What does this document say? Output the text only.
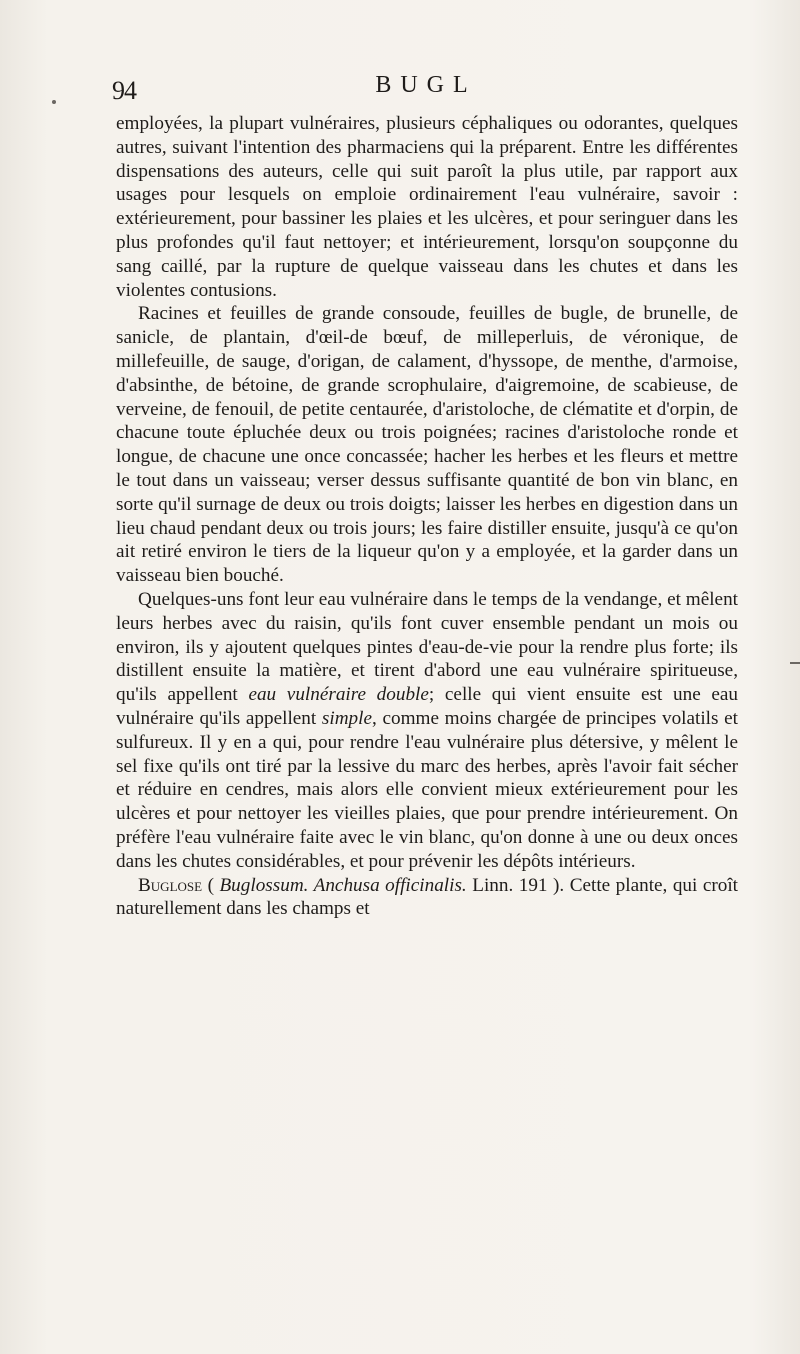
94	BUGL

employées, la plupart vulnéraires, plusieurs céphaliques ou odorantes, quelques autres, suivant l'intention des pharmaciens qui la préparent. Entre les différentes dispensations des auteurs, celle qui suit paroît la plus utile, par rapport aux usages pour lesquels on emploie ordinairement l'eau vulnéraire, savoir : extérieurement, pour bassiner les plaies et les ulcères, et pour seringuer dans les plus profondes qu'il faut nettoyer; et intérieurement, lorsqu'on soupçonne du sang caillé, par la rupture de quelque vaisseau dans les chutes et dans les violentes contusions.

Racines et feuilles de grande consoude, feuilles de bugle, de brunelle, de sanicle, de plantain, d'œil-de bœuf, de milleperluis, de véronique, de millefeuille, de sauge, d'origan, de calament, d'hyssope, de menthe, d'armoise, d'absinthe, de bétoine, de grande scrophulaire, d'aigremoine, de scabieuse, de verveine, de fenouil, de petite centaurée, d'aristoloche, de clématite et d'orpin, de chacune toute épluchée deux ou trois poignées; racines d'aristoloche ronde et longue, de chacune une once concassée; hacher les herbes et les fleurs et mettre le tout dans un vaisseau; verser dessus suffisante quantité de bon vin blanc, en sorte qu'il surnage de deux ou trois doigts; laisser les herbes en digestion dans un lieu chaud pendant deux ou trois jours; les faire distiller ensuite, jusqu'à ce qu'on ait retiré environ le tiers de la liqueur qu'on y a employée, et la garder dans un vaisseau bien bouché.

Quelques-uns font leur eau vulnéraire dans le temps de la vendange, et mêlent leurs herbes avec du raisin, qu'ils font cuver ensemble pendant un mois ou environ, ils y ajoutent quelques pintes d'eau-de-vie pour la rendre plus forte; ils distillent ensuite la matière, et tirent d'abord une eau vulnéraire spiritueuse, qu'ils appellent eau vulnéraire double; celle qui vient ensuite est une eau vulnéraire qu'ils appellent simple, comme moins chargée de principes volatils et sulfureux. Il y en a qui, pour rendre l'eau vulnéraire plus détersive, y mêlent le sel fixe qu'ils ont tiré par la lessive du marc des herbes, après l'avoir fait sécher et réduire en cendres, mais alors elle convient mieux extérieurement pour les ulcères et pour nettoyer les vieilles plaies, que pour prendre intérieurement. On préfère l'eau vulnéraire faite avec le vin blanc, qu'on donne à une ou deux onces dans les chutes considérables, et pour prévenir les dépôts intérieurs.

Buglose ( Buglossum. Anchusa officinalis. Linn. 191 ). Cette plante, qui croît naturellement dans les champs et
